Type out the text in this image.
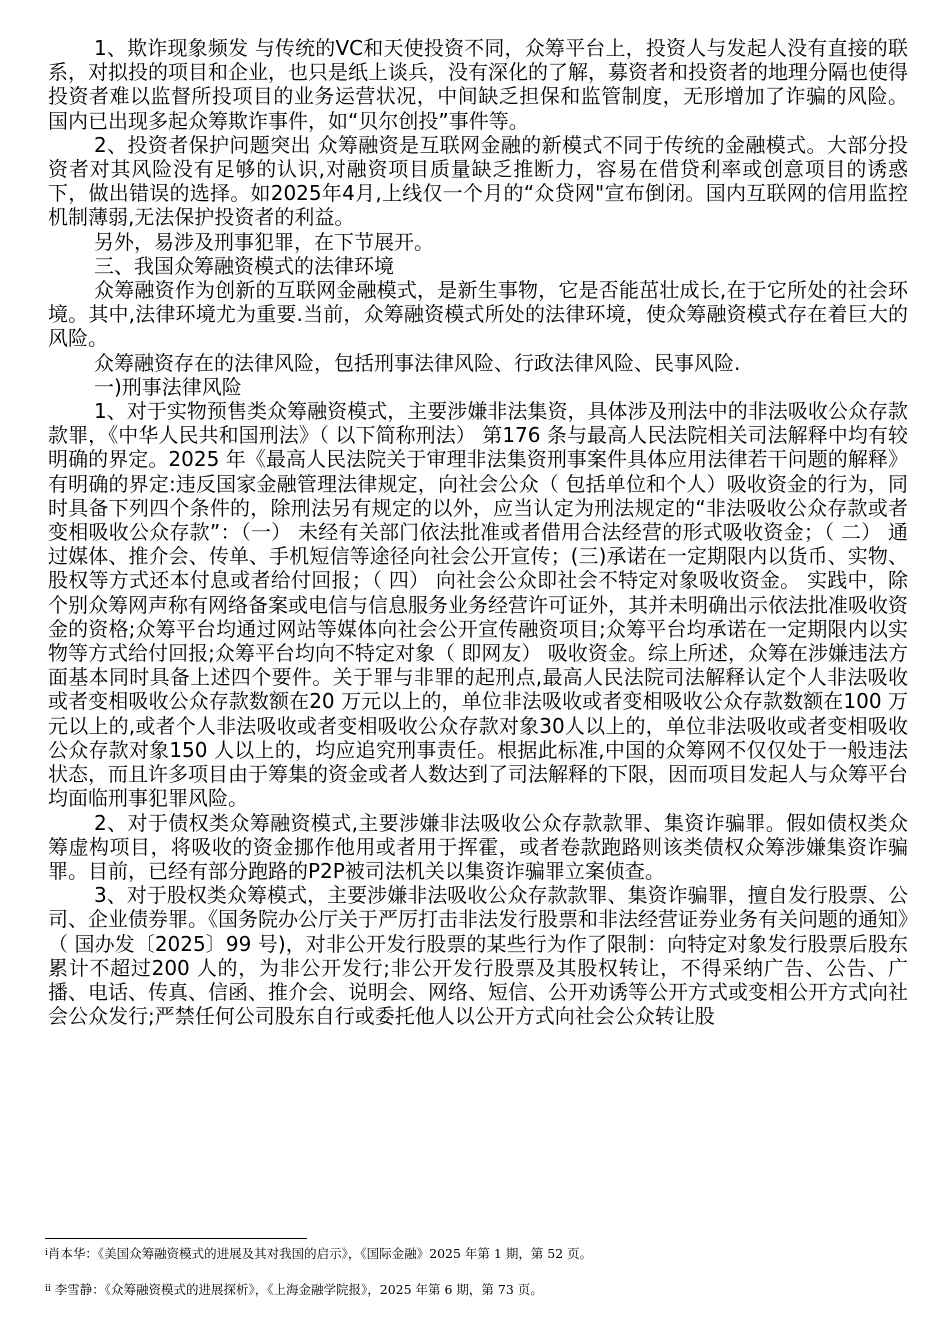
1、欺诈现象频发 与传统的VC和天使投资不同，众筹平台上，投资人与发起人没有直接的联系，对拟投的项目和企业，也只是纸上谈兵，没有深化的了解，募资者和投资者的地理分隔也使得投资者难以监督所投项目的业务运营状况，中间缺乏担保和监管制度，无形增加了诈骗的风险。 国内已出现多起众筹欺诈事件，如“贝尔创投”事件等。

2、投资者保护问题突出 众筹融资是互联网金融的新模式不同于传统的金融模式。大部分投资者对其风险没有足够的认识,对融资项目质量缺乏推断力，容易在借贷利率或创意项目的诱惑下，做出错误的选择。如2025年4月,上线仅一个月的“众贷网"宣布倒闭。国内互联网的信用监控机制薄弱,无法保护投资者的利益。

另外，易涉及刑事犯罪，在下节展开。

三、我国众筹融资模式的法律环境

众筹融资作为创新的互联网金融模式，是新生事物，它是否能茁壮成长,在于它所处的社会环境。其中,法律环境尤为重要.当前，众筹融资模式所处的法律环境，使众筹融资模式存在着巨大的风险。

众筹融资存在的法律风险，包括刑事法律风险、行政法律风险、民事风险.

一)刑事法律风险

1、对于实物预售类众筹融资模式，主要涉嫌非法集资，具体涉及刑法中的非法吸收公众存款款罪，《中华人民共和国刑法》（ 以下简称刑法） 第176 条与最高人民法院相关司法解释中均有较明确的界定。2025 年《最高人民法院关于审理非法集资刑事案件具体应用法律若干问题的解释》有明确的界定:违反国家金融管理法律规定，向社会公众（ 包括单位和个人）吸收资金的行为，同时具备下列四个条件的，除刑法另有规定的以外，应当认定为刑法规定的“非法吸收公众存款或者变相吸收公众存款”：（一） 未经有关部门依法批准或者借用合法经营的形式吸收资金；（ 二） 通过媒体、推介会、传单、手机短信等途径向社会公开宣传；(三)承诺在一定期限内以货币、实物、股权等方式还本付息或者给付回报；（ 四） 向社会公众即社会不特定对象吸收资金。 实践中，除个别众筹网声称有网络备案或电信与信息服务业务经营许可证外，其并未明确出示依法批准吸收资金的资格;众筹平台均通过网站等媒体向社会公开宣传融资项目;众筹平台均承诺在一定期限内以实物等方式给付回报;众筹平台均向不特定对象（ 即网友） 吸收资金。综上所述，众筹在涉嫌违法方面基本同时具备上述四个要件。关于罪与非罪的起刑点,最高人民法院司法解释认定个人非法吸收或者变相吸收公众存款数额在20 万元以上的，单位非法吸收或者变相吸收公众存款数额在100 万元以上的,或者个人非法吸收或者变相吸收公众存款对象30人以上的，单位非法吸收或者变相吸收公众存款对象150 人以上的，均应追究刑事责任。根据此标准,中国的众筹网不仅仅处于一般违法状态，而且许多项目由于筹集的资金或者人数达到了司法解释的下限，因而项目发起人与众筹平台均面临刑事犯罪风险。

2、对于债权类众筹融资模式,主要涉嫌非法吸收公众存款款罪、集资诈骗罪。假如债权类众筹虚构项目，将吸收的资金挪作他用或者用于挥霍，或者卷款跑路则该类债权众筹涉嫌集资诈骗罪。目前，已经有部分跑路的P2P被司法机关以集资诈骗罪立案侦查。

3、对于股权类众筹模式，主要涉嫌非法吸收公众存款款罪、集资诈骗罪，擅自发行股票、公司、企业债券罪。《国务院办公厅关于严厉打击非法发行股票和非法经营证券业务有关问题的通知》（ 国办发〔2025〕99 号)，对非公开发行股票的某些行为作了限制：向特定对象发行股票后股东累计不超过200 人的，为非公开发行;非公开发行股票及其股权转让，不得采纳广告、公告、广播、电话、传真、信函、推介会、说明会、网络、短信、公开劝诱等公开方式或变相公开方式向社会公众发行;严禁任何公司股东自行或委托他人以公开方式向社会公众转让股

$^i$肖本华：《美国众筹融资模式的进展及其对我国的启示》，《国际金融》2025 年第 1 期，第 52 页。
$^{ii}$ 李雪静：《众筹融资模式的进展探析》，《上海金融学院报》，2025 年第 6 期，第 73 页。
